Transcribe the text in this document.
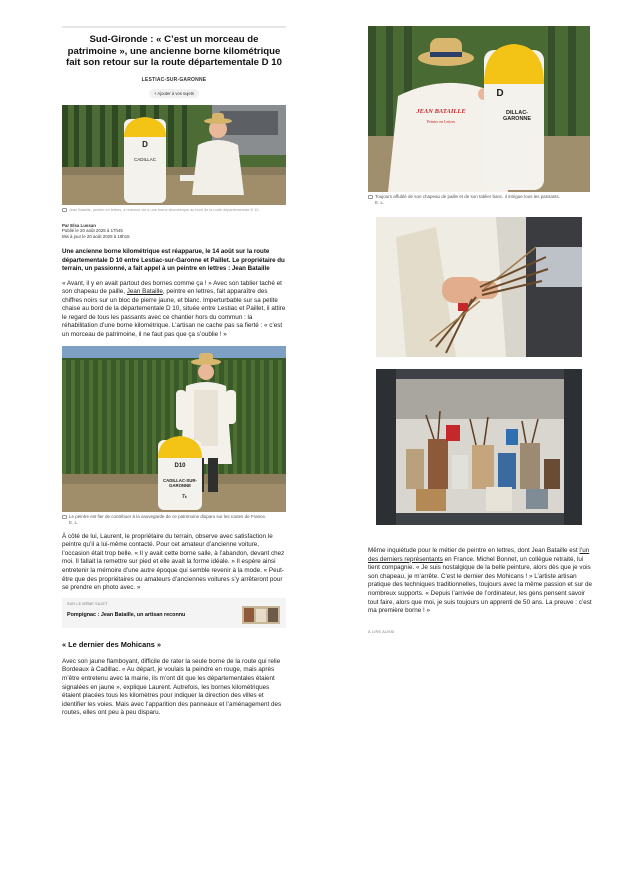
Sud-Gironde : « C’est un morceau de patrimoine », une ancienne borne kilométrique fait son retour sur la route départementale D 10
LESTIAC-SUR-GARONNE
+ Ajouter à vos sujets
D
CADILLAC
Jean Bataille, peintre en lettres, a redonné vie à une borne kilométrique au bord de la route départementale D 10.
Par Elsa Lussan
Publié le 20 août 2025 à 17h45
Mis à jour le 20 août 2025 à 19h15

Une ancienne borne kilométrique est réapparue, le 14 août sur la route départementale D 10 entre Lestiac-sur-Garonne et Paillet. Le propriétaire du terrain, un passionné, a fait appel à un peintre en lettres : Jean Bataille

« Avant, il y en avait partout des bornes comme ça ! » Avec son tablier taché et son chapeau de paille, Jean Bataille, peintre en lettres, fait apparaître des chiffres noirs sur un bloc de pierre jaune, et blanc. Imperturbable sur sa petite chaise au bord de la départementale D 10, située entre Lestiac et Paillet, il attire le regard de tous les passants avec ce chantier hors du commun : la réhabilitation d’une borne kilométrique. L’artisan ne cache pas sa fierté : « c’est un morceau de patrimoine, il ne faut pas que ça s’oublie ! »

D10
CADILLAC-SUR-GARONNE
7k
Le peintre est fier de contribuer à la sauvegarde de ce patrimoine disparu sur les routes de France.
E. L.

À côté de lui, Laurent, le propriétaire du terrain, observe avec satisfaction le peintre qu’il a lui-même contacté. Pour cet amateur d’ancienne voiture, l’occasion était trop belle. « Il y avait cette borne salle, à l’abandon, devant chez moi. Il fallait la remettre sur pied et elle avait la forme idéale. » Il espère ainsi entretenir la mémoire d’une autre époque qui semble revenir à la mode. « Peut-être que des propriétaires ou amateurs d’anciennes voitures s’y arrêteront pour se prendre en photo avec. »

SUR LE MÊME SUJET
Pompignac : Jean Bataille, un artisan reconnu
« Le dernier des Mohicans »

Avec son jaune flamboyant, difficile de rater la seule borne de la route qui relie Bordeaux à Cadillac. « Au départ, je voulais la peindre en rouge, mais après m’être entretenu avec la mairie, ils m’ont dit que les départementales étaient signalées en jaune », explique Laurent. Autrefois, les bornes kilométriques étaient placées tous les kilomètres pour indiquer la direction des villes et identifier les voies. Mais avec l’apparition des panneaux et l’aménagement des routes, elles ont peu à peu disparu.

JEAN BATAILLE
Peintre en Lettres
D
DILLAC-GARONNE
Toujours affublé de son chapeau de paille et de son tablier banc, il intrigue tous les passants.
E. L.

Même inquiétude pour le métier de peintre en lettres, dont Jean Bataille est l’un des derniers représentants en France. Michel Bonnet, un collègue retraité, lui tient compagnie. « Je suis nostalgique de la belle peinture, alors dès que je vois son chapeau, je m’arrête. C’est le dernier des Mohicans ! » L’artiste artisan pratique des techniques traditionnelles, toujours avec la même passion et sur de nombreux supports. « Depuis l’arrivée de l’ordinateur, les gens pensent savoir tout faire, alors que moi, je suis toujours un apprenti de 50 ans. La preuve : c’est ma première borne ! »

À LIRE AUSSI
